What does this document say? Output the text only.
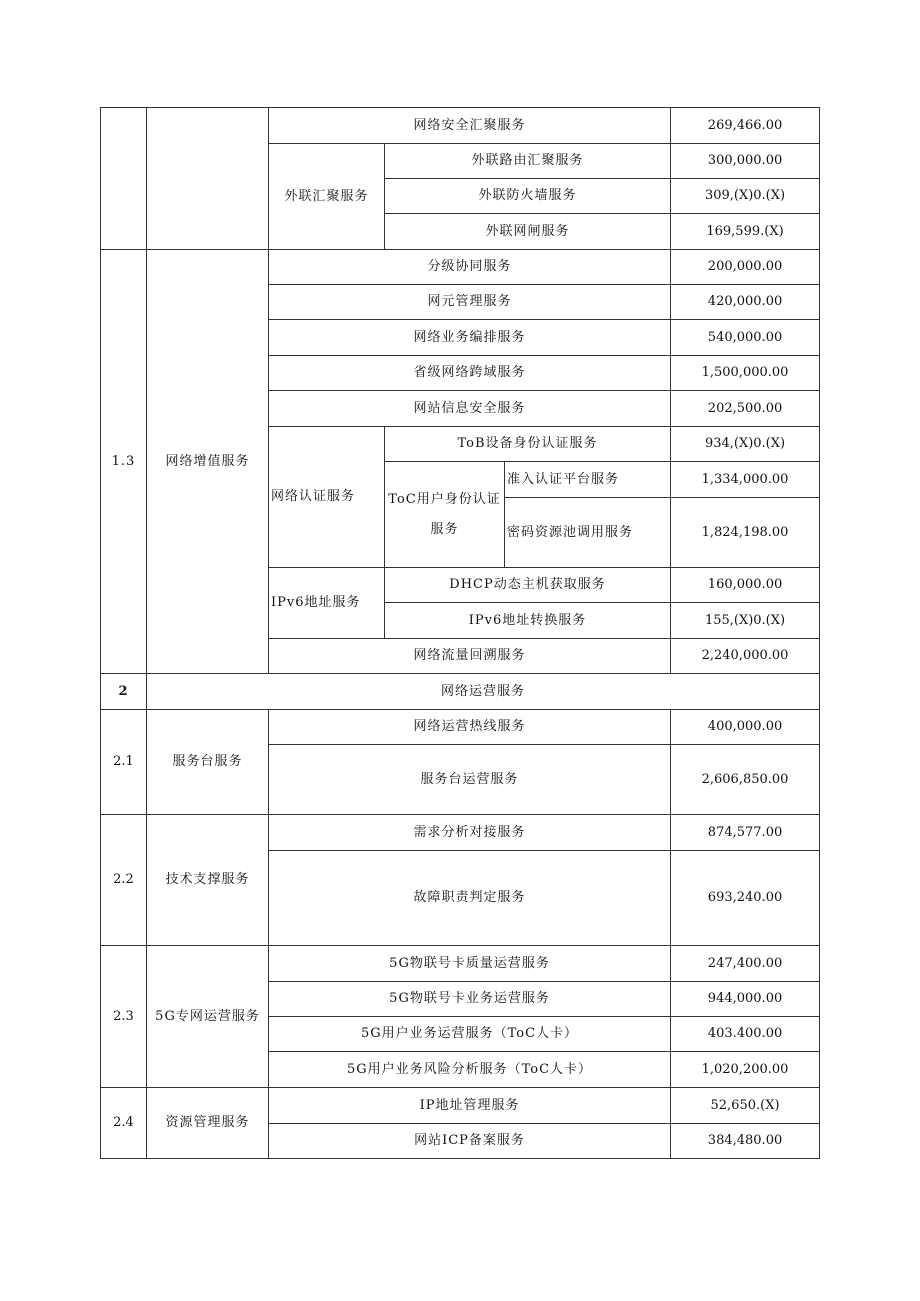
		网络安全汇聚服务			269,466.00
		外联汇聚服务	外联路由汇聚服务		300,000.00
			外联防火墙服务		309,(X)0.(X)
			外联网闸服务		169,599.(X)
1.3	网络增值服务	分级协同服务			200,000.00
		网元管理服务			420,000.00
		网络业务编排服务			540,000.00
		省级网络跨域服务			1,500,000.00
		网站信息安全服务			202,500.00
		网络认证服务	ToB设备身份认证服务		934,(X)0.(X)
			ToC用户身份认证服务	准入认证平台服务	1,334,000.00
				密码资源池调用服务	1,824,198.00
		IPv6地址服务	DHCP动态主机获取服务		160,000.00
			IPv6地址转换服务		155,(X)0.(X)
		网络流量回溯服务			2,240,000.00
2	网络运营服务				
2.1	服务台服务	网络运营热线服务			400,000.00
		服务台运营服务			2,606,850.00
2.2	技术支撑服务	需求分析对接服务			874,577.00
		故障职责判定服务			693,240.00
2.3	5G专网运营服务	5G物联号卡质量运营服务			247,400.00
		5G物联号卡业务运营服务			944,000.00
		5G用户业务运营服务（ToC人卡）			403.400.00
		5G用户业务风险分析服务（ToC人卡）			1,020,200.00
2.4	资源管理服务	IP地址管理服务			52,650.(X)
		网站ICP备案服务			384,480.00
